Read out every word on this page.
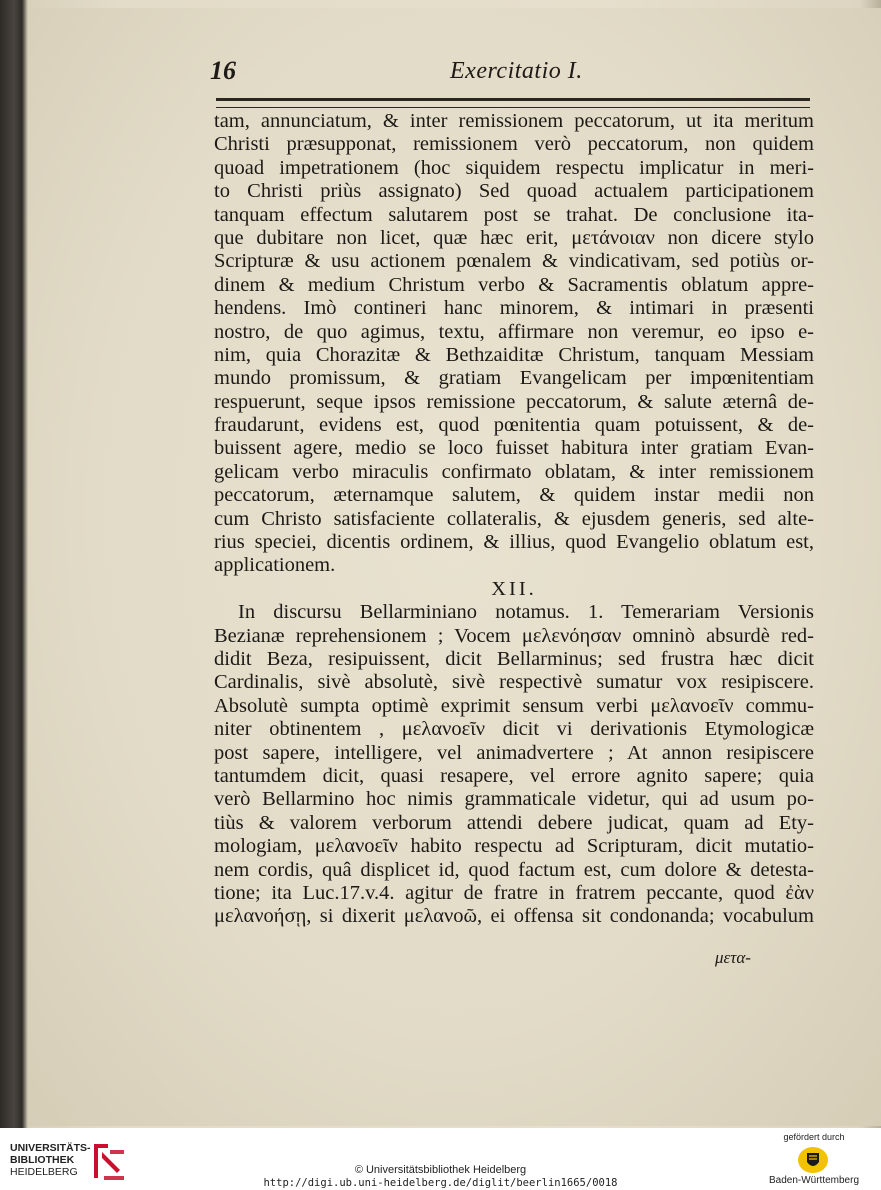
16	Exercitatio I.
tam, annunciatum, & inter remissionem peccatorum, ut ita meritum
Christi præsupponat, remissionem verò peccatorum, non quidem
quoad impetrationem (hoc siquidem respectu implicatur in meri-
to Christi priùs assignato) Sed quoad actualem participationem
tanquam effectum salutarem post se trahat. De conclusione ita-
que dubitare non licet, quæ hæc erit, μετάνοιαν non dicere stylo
Scripturæ & usu actionem pœnalem & vindicativam, sed potiùs or-
dinem & medium Christum verbo & Sacramentis oblatum appre-
hendens. Imò contineri hanc minorem, & intimari in præsenti
nostro, de quo agimus, textu, affirmare non veremur, eo ipso e-
nim, quia Chorazitæ & Bethzaiditæ Christum, tanquam Messiam
mundo promissum, & gratiam Evangelicam per impœnitentiam
respuerunt, seque ipsos remissione peccatorum, & salute æternâ de-
fraudarunt, evidens est, quod pœnitentia quam potuissent, & de-
buissent agere, medio se loco fuisset habitura inter gratiam Evan-
gelicam verbo miraculis confirmato oblatam, & inter remissionem
peccatorum, æternamque salutem, & quidem instar medii non
cum Christo satisfaciente collateralis, & ejusdem generis, sed alte-
rius speciei, dicentis ordinem, & illius, quod Evangelio oblatum est,
applicationem.
XII.
In discursu Bellarminiano notamus. 1. Temerariam Versionis
Bezianæ reprehensionem ; Vocem μελενόησαν omninò absurdè red-
didit Beza, resipuissent, dicit Bellarminus; sed frustra hæc dicit
Cardinalis, sivè absolutè, sivè respectivè sumatur vox resipiscere.
Absolutè sumpta optimè exprimit sensum verbi μελανοεῖν commu-
niter obtinentem , μελανοεῖν dicit vi derivationis Etymologicæ
post sapere, intelligere, vel animadvertere ; At annon resipiscere
tantumdem dicit, quasi resapere, vel errore agnito sapere; quia
verò Bellarmino hoc nimis grammaticale videtur, qui ad usum po-
tiùs & valorem verborum attendi debere judicat, quam ad Ety-
mologiam, μελανοεῖν habito respectu ad Scripturam, dicit mutatio-
nem cordis, quâ displicet id, quod factum est, cum dolore & detesta-
tione; ita Luc.17.v.4. agitur de fratre in fratrem peccante, quod ἐὰν
μελανοήσῃ, si dixerit μελανοῶ, ei offensa sit condonanda; vocabulum
μετα-
UNIVERSITÄTS-
BIBLIOTHEK
HEIDELBERG	© Universitätsbibliothek Heidelberg
http://digi.ub.uni-heidelberg.de/diglit/beerlin1665/0018
gefördert durch
Baden-Württemberg
